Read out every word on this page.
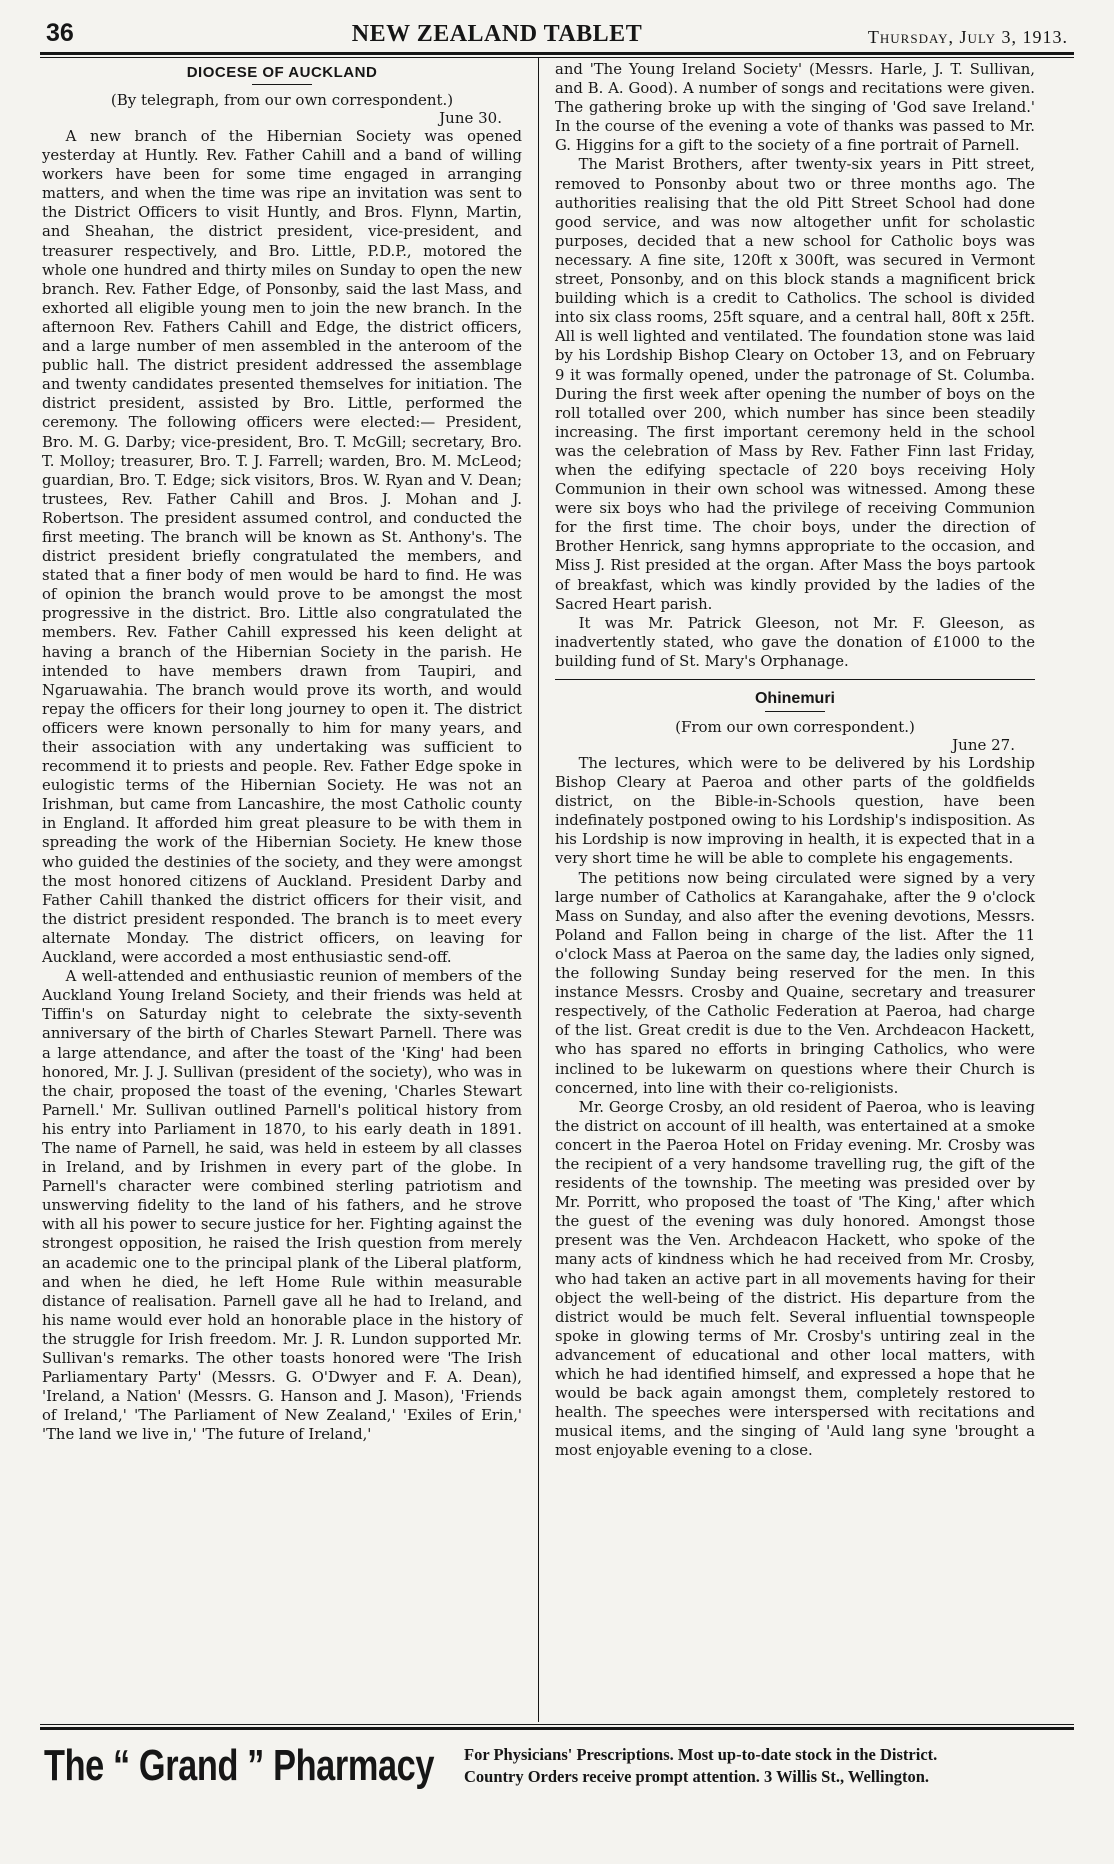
36	NEW ZEALAND TABLET	Thursday, July 3, 1913.
DIOCESE OF AUCKLAND
(By telegraph, from our own correspondent.)
June 30.

A new branch of the Hibernian Society was opened yesterday at Huntly. Rev. Father Cahill and a band of willing workers have been for some time engaged in arranging matters, and when the time was ripe an invitation was sent to the District Officers to visit Huntly, and Bros. Flynn, Martin, and Sheahan, the district president, vice-president, and treasurer respectively, and Bro. Little, P.D.P., motored the whole one hundred and thirty miles on Sunday to open the new branch. Rev. Father Edge, of Ponsonby, said the last Mass, and exhorted all eligible young men to join the new branch. In the afternoon Rev. Fathers Cahill and Edge, the district officers, and a large number of men assembled in the anteroom of the public hall. The district president addressed the assemblage and twenty candidates presented themselves for initiation. The district president, assisted by Bro. Little, performed the ceremony. The following officers were elected:— President, Bro. M. G. Darby; vice-president, Bro. T. McGill; secretary, Bro. T. Molloy; treasurer, Bro. T. J. Farrell; warden, Bro. M. McLeod; guardian, Bro. T. Edge; sick visitors, Bros. W. Ryan and V. Dean; trustees, Rev. Father Cahill and Bros. J. Mohan and J. Robertson. The president assumed control, and conducted the first meeting. The branch will be known as St. Anthony's. The district president briefly congratulated the members, and stated that a finer body of men would be hard to find. He was of opinion the branch would prove to be amongst the most progressive in the district. Bro. Little also congratulated the members. Rev. Father Cahill expressed his keen delight at having a branch of the Hibernian Society in the parish. He intended to have members drawn from Taupiri, and Ngaruawahia. The branch would prove its worth, and would repay the officers for their long journey to open it. The district officers were known personally to him for many years, and their association with any undertaking was sufficient to recommend it to priests and people. Rev. Father Edge spoke in eulogistic terms of the Hibernian Society. He was not an Irishman, but came from Lancashire, the most Catholic county in England. It afforded him great pleasure to be with them in spreading the work of the Hibernian Society. He knew those who guided the destinies of the society, and they were amongst the most honored citizens of Auckland. President Darby and Father Cahill thanked the district officers for their visit, and the district president responded. The branch is to meet every alternate Monday. The district officers, on leaving for Auckland, were accorded a most enthusiastic send-off.

A well-attended and enthusiastic reunion of members of the Auckland Young Ireland Society, and their friends was held at Tiffin's on Saturday night to celebrate the sixty-seventh anniversary of the birth of Charles Stewart Parnell. There was a large attendance, and after the toast of the 'King' had been honored, Mr. J. J. Sullivan (president of the society), who was in the chair, proposed the toast of the evening, 'Charles Stewart Parnell.' Mr. Sullivan outlined Parnell's political history from his entry into Parliament in 1870, to his early death in 1891. The name of Parnell, he said, was held in esteem by all classes in Ireland, and by Irishmen in every part of the globe. In Parnell's character were combined sterling patriotism and unswerving fidelity to the land of his fathers, and he strove with all his power to secure justice for her. Fighting against the strongest opposition, he raised the Irish question from merely an academic one to the principal plank of the Liberal platform, and when he died, he left Home Rule within measurable distance of realisation. Parnell gave all he had to Ireland, and his name would ever hold an honorable place in the history of the struggle for Irish freedom. Mr. J. R. Lundon supported Mr. Sullivan's remarks. The other toasts honored were 'The Irish Parliamentary Party' (Messrs. G. O'Dwyer and F. A. Dean), 'Ireland, a Nation' (Messrs. G. Hanson and J. Mason), 'Friends of Ireland,' 'The Parliament of New Zealand,' 'Exiles of Erin,' 'The land we live in,' 'The future of Ireland,'

and 'The Young Ireland Society' (Messrs. Harle, J. T. Sullivan, and B. A. Good). A number of songs and recitations were given. The gathering broke up with the singing of 'God save Ireland.' In the course of the evening a vote of thanks was passed to Mr. G. Higgins for a gift to the society of a fine portrait of Parnell.

The Marist Brothers, after twenty-six years in Pitt street, removed to Ponsonby about two or three months ago. The authorities realising that the old Pitt Street School had done good service, and was now altogether unfit for scholastic purposes, decided that a new school for Catholic boys was necessary. A fine site, 120ft x 300ft, was secured in Vermont street, Ponsonby, and on this block stands a magnificent brick building which is a credit to Catholics. The school is divided into six class rooms, 25ft square, and a central hall, 80ft x 25ft. All is well lighted and ventilated. The foundation stone was laid by his Lordship Bishop Cleary on October 13, and on February 9 it was formally opened, under the patronage of St. Columba. During the first week after opening the number of boys on the roll totalled over 200, which number has since been steadily increasing. The first important ceremony held in the school was the celebration of Mass by Rev. Father Finn last Friday, when the edifying spectacle of 220 boys receiving Holy Communion in their own school was witnessed. Among these were six boys who had the privilege of receiving Communion for the first time. The choir boys, under the direction of Brother Henrick, sang hymns appropriate to the occasion, and Miss J. Rist presided at the organ. After Mass the boys partook of breakfast, which was kindly provided by the ladies of the Sacred Heart parish.

It was Mr. Patrick Gleeson, not Mr. F. Gleeson, as inadvertently stated, who gave the donation of £1000 to the building fund of St. Mary's Orphanage.

Ohinemuri
(From our own correspondent.)
June 27.

The lectures, which were to be delivered by his Lordship Bishop Cleary at Paeroa and other parts of the goldfields district, on the Bible-in-Schools question, have been indefinately postponed owing to his Lordship's indisposition. As his Lordship is now improving in health, it is expected that in a very short time he will be able to complete his engagements.

The petitions now being circulated were signed by a very large number of Catholics at Karangahake, after the 9 o'clock Mass on Sunday, and also after the evening devotions, Messrs. Poland and Fallon being in charge of the list. After the 11 o'clock Mass at Paeroa on the same day, the ladies only signed, the following Sunday being reserved for the men. In this instance Messrs. Crosby and Quaine, secretary and treasurer respectively, of the Catholic Federation at Paeroa, had charge of the list. Great credit is due to the Ven. Archdeacon Hackett, who has spared no efforts in bringing Catholics, who were inclined to be lukewarm on questions where their Church is concerned, into line with their co-religionists.

Mr. George Crosby, an old resident of Paeroa, who is leaving the district on account of ill health, was entertained at a smoke concert in the Paeroa Hotel on Friday evening. Mr. Crosby was the recipient of a very handsome travelling rug, the gift of the residents of the township. The meeting was presided over by Mr. Porritt, who proposed the toast of 'The King,' after which the guest of the evening was duly honored. Amongst those present was the Ven. Archdeacon Hackett, who spoke of the many acts of kindness which he had received from Mr. Crosby, who had taken an active part in all movements having for their object the well-being of the district. His departure from the district would be much felt. Several influential townspeople spoke in glowing terms of Mr. Crosby's untiring zeal in the advancement of educational and other local matters, with which he had identified himself, and expressed a hope that he would be back again amongst them, completely restored to health. The speeches were interspersed with recitations and musical items, and the singing of 'Auld lang syne 'brought a most enjoyable evening to a close.

The “ Grand ” Pharmacy For Physicians' Prescriptions. Most up-to-date stock in the District.
Country Orders receive prompt attention. 3 Willis St., Wellington.
